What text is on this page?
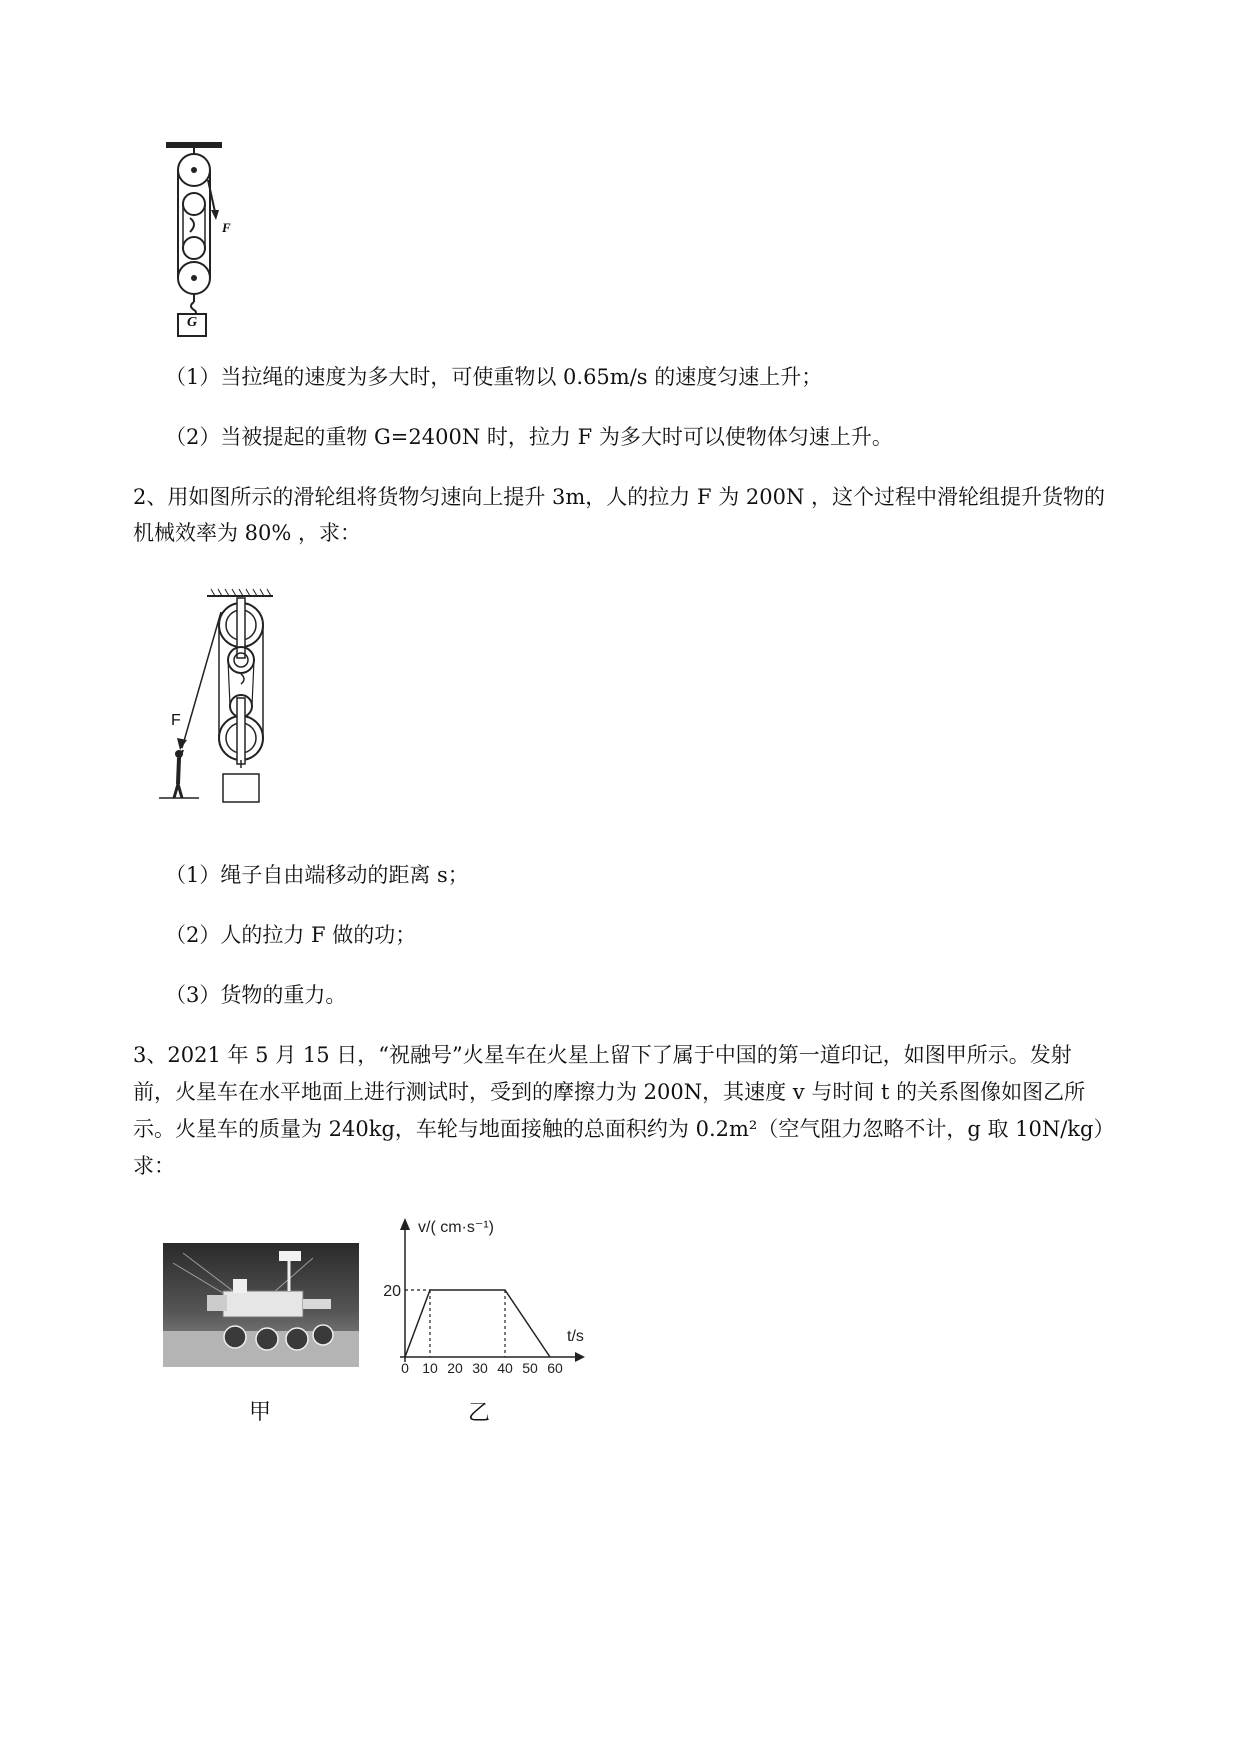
G
F
（1）当拉绳的速度为多大时，可使重物以 0.65m/s 的速度匀速上升；
（2）当被提起的重物 G=2400N 时，拉力 F 为多大时可以使物体匀速上升。
2、用如图所示的滑轮组将货物匀速向上提升 3m，人的拉力 F 为 200N ，这个过程中滑轮组提升货物的
机械效率为 80% ，求：
F
（1）绳子自由端移动的距离 s；
（2）人的拉力 F 做的功；
（3）货物的重力。
3、2021 年 5 月 15 日，“祝融号”火星车在火星上留下了属于中国的第一道印记，如图甲所示。发射
前，火星车在水平地面上进行测试时，受到的摩擦力为 200N，其速度 v 与时间 t 的关系图像如图乙所
示。火星车的质量为 240kg，车轮与地面接触的总面积约为 0.2m²（空气阻力忽略不计，g 取 10N/kg）
求：
甲
v/( cm·s⁻¹)
t/s
0 10 20 30 40 50 60
20
乙
